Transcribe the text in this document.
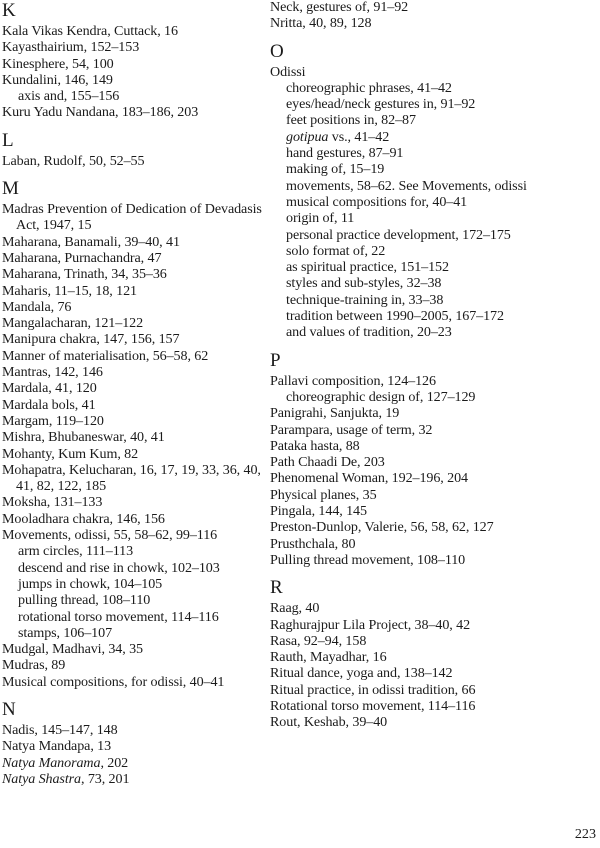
K
Kala Vikas Kendra, Cuttack, 16
Kayasthairium, 152–153
Kinesphere, 54, 100
Kundalini, 146, 149
axis and, 155–156
Kuru Yadu Nandana, 183–186, 203
L
Laban, Rudolf, 50, 52–55
M
Madras Prevention of Dedication of Devadasis Act, 1947, 15
Maharana, Banamali, 39–40, 41
Maharana, Purnachandra, 47
Maharana, Trinath, 34, 35–36
Maharis, 11–15, 18, 121
Mandala, 76
Mangalacharan, 121–122
Manipura chakra, 147, 156, 157
Manner of materialisation, 56–58, 62
Mantras, 142, 146
Mardala, 41, 120
Mardala bols, 41
Margam, 119–120
Mishra, Bhubaneswar, 40, 41
Mohanty, Kum Kum, 82
Mohapatra, Kelucharan, 16, 17, 19, 33, 36, 40, 41, 82, 122, 185
Moksha, 131–133
Mooladhara chakra, 146, 156
Movements, odissi, 55, 58–62, 99–116
arm circles, 111–113
descend and rise in chowk, 102–103
jumps in chowk, 104–105
pulling thread, 108–110
rotational torso movement, 114–116
stamps, 106–107
Mudgal, Madhavi, 34, 35
Mudras, 89
Musical compositions, for odissi, 40–41
N
Nadis, 145–147, 148
Natya Mandapa, 13
Natya Manorama, 202
Natya Shastra, 73, 201
Neck, gestures of, 91–92
Nritta, 40, 89, 128
O
Odissi
choreographic phrases, 41–42
eyes/head/neck gestures in, 91–92
feet positions in, 82–87
gotipua vs., 41–42
hand gestures, 87–91
making of, 15–19
movements, 58–62. See Movements, odissi
musical compositions for, 40–41
origin of, 11
personal practice development, 172–175
solo format of, 22
as spiritual practice, 151–152
styles and sub-styles, 32–38
technique-training in, 33–38
tradition between 1990–2005, 167–172
and values of tradition, 20–23
P
Pallavi composition, 124–126
choreographic design of, 127–129
Panigrahi, Sanjukta, 19
Parampara, usage of term, 32
Pataka hasta, 88
Path Chaadi De, 203
Phenomenal Woman, 192–196, 204
Physical planes, 35
Pingala, 144, 145
Preston-Dunlop, Valerie, 56, 58, 62, 127
Prusthchala, 80
Pulling thread movement, 108–110
R
Raag, 40
Raghurajpur Lila Project, 38–40, 42
Rasa, 92–94, 158
Rauth, Mayadhar, 16
Ritual dance, yoga and, 138–142
Ritual practice, in odissi tradition, 66
Rotational torso movement, 114–116
Rout, Keshab, 39–40
223
